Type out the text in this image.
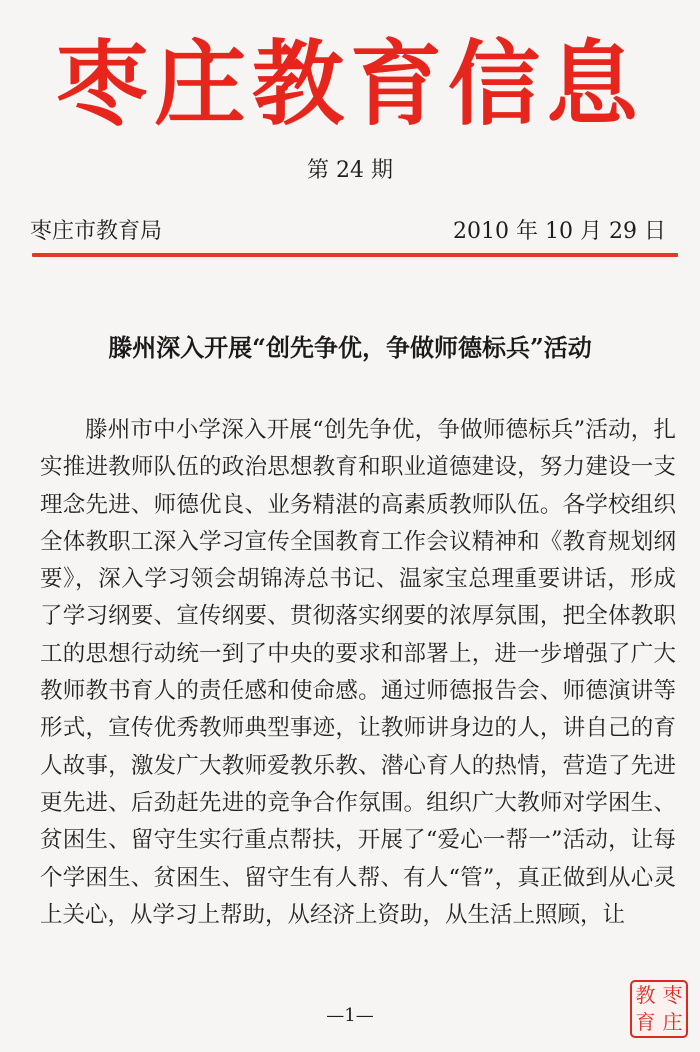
枣庄教育信息
第 24 期
枣庄市教育局	2010 年 10 月 29 日
滕州深入开展“创先争优，争做师德标兵”活动
滕州市中小学深入开展“创先争优，争做师德标兵”活动，扎实推进教师队伍的政治思想教育和职业道德建设，努力建设一支理念先进、师德优良、业务精湛的高素质教师队伍。各学校组织全体教职工深入学习宣传全国教育工作会议精神和《教育规划纲要》，深入学习领会胡锦涛总书记、温家宝总理重要讲话，形成了学习纲要、宣传纲要、贯彻落实纲要的浓厚氛围，把全体教职工的思想行动统一到了中央的要求和部署上，进一步增强了广大教师教书育人的责任感和使命感。通过师德报告会、师德演讲等形式，宣传优秀教师典型事迹，让教师讲身边的人，讲自己的育人故事，激发广大教师爱教乐教、潜心育人的热情，营造了先进更先进、后劲赶先进的竞争合作氛围。组织广大教师对学困生、贫困生、留守生实行重点帮扶，开展了“爱心一帮一”活动，让每个学困生、贫困生、留守生有人帮、有人“管”，真正做到从心灵上关心，从学习上帮助，从经济上资助，从生活上照顾，让
—1—
教 枣
育 庄
